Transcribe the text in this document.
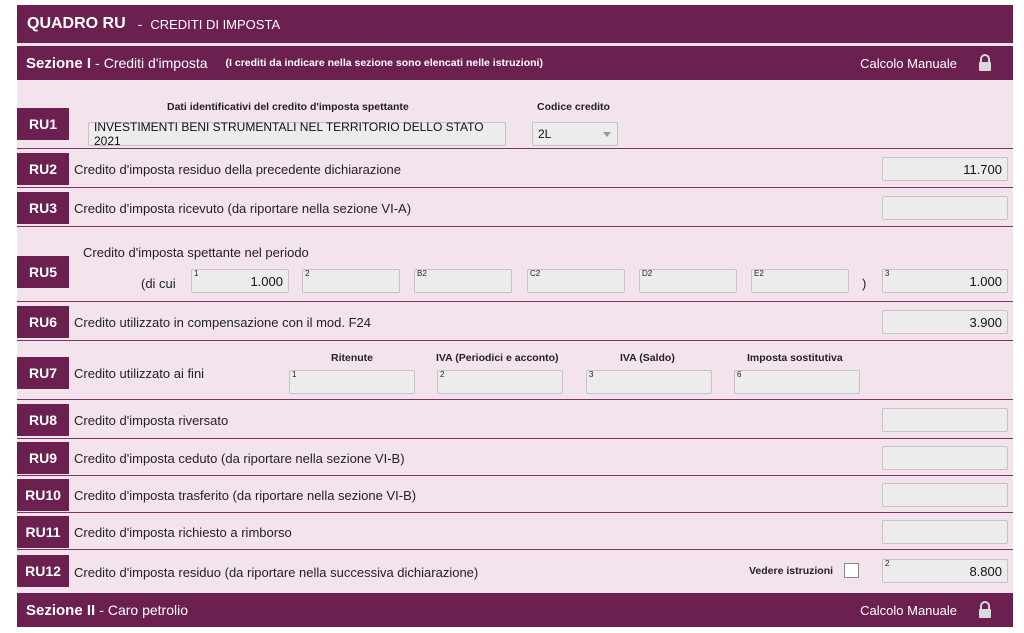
QUADRO RU - CREDITI DI IMPOSTA
Sezione I - Crediti d'imposta (I crediti da indicare nella sezione sono elencati nelle istruzioni)	Calcolo Manuale
RU1
Dati identificativi del credito d'imposta spettante	Codice credito
INVESTIMENTI BENI STRUMENTALI NEL TERRITORIO DELLO STATO 2021	2L
RU2	Credito d'imposta residuo della precedente dichiarazione	11.700
RU3	Credito d'imposta ricevuto (da riportare nella sezione VI-A)
RU5
Credito d'imposta spettante nel periodo
(di cui
1	1.000	2	B2	C2	D2	E2
)
3	1.000
RU6	Credito utilizzato in compensazione con il mod. F24	3.900
RU7	Credito utilizzato ai fini
Ritenute	IVA (Periodici e acconto)	IVA (Saldo)	Imposta sostitutiva
1	2	3	6
RU8	Credito d'imposta riversato
RU9	Credito d'imposta ceduto (da riportare nella sezione VI-B)
RU10	Credito d'imposta trasferito (da riportare nella sezione VI-B)
RU11	Credito d'imposta richiesto a rimborso
RU12	Credito d'imposta residuo (da riportare nella successiva dichiarazione)	Vedere istruzioni
2	8.800
Sezione II - Caro petrolio	Calcolo Manuale
